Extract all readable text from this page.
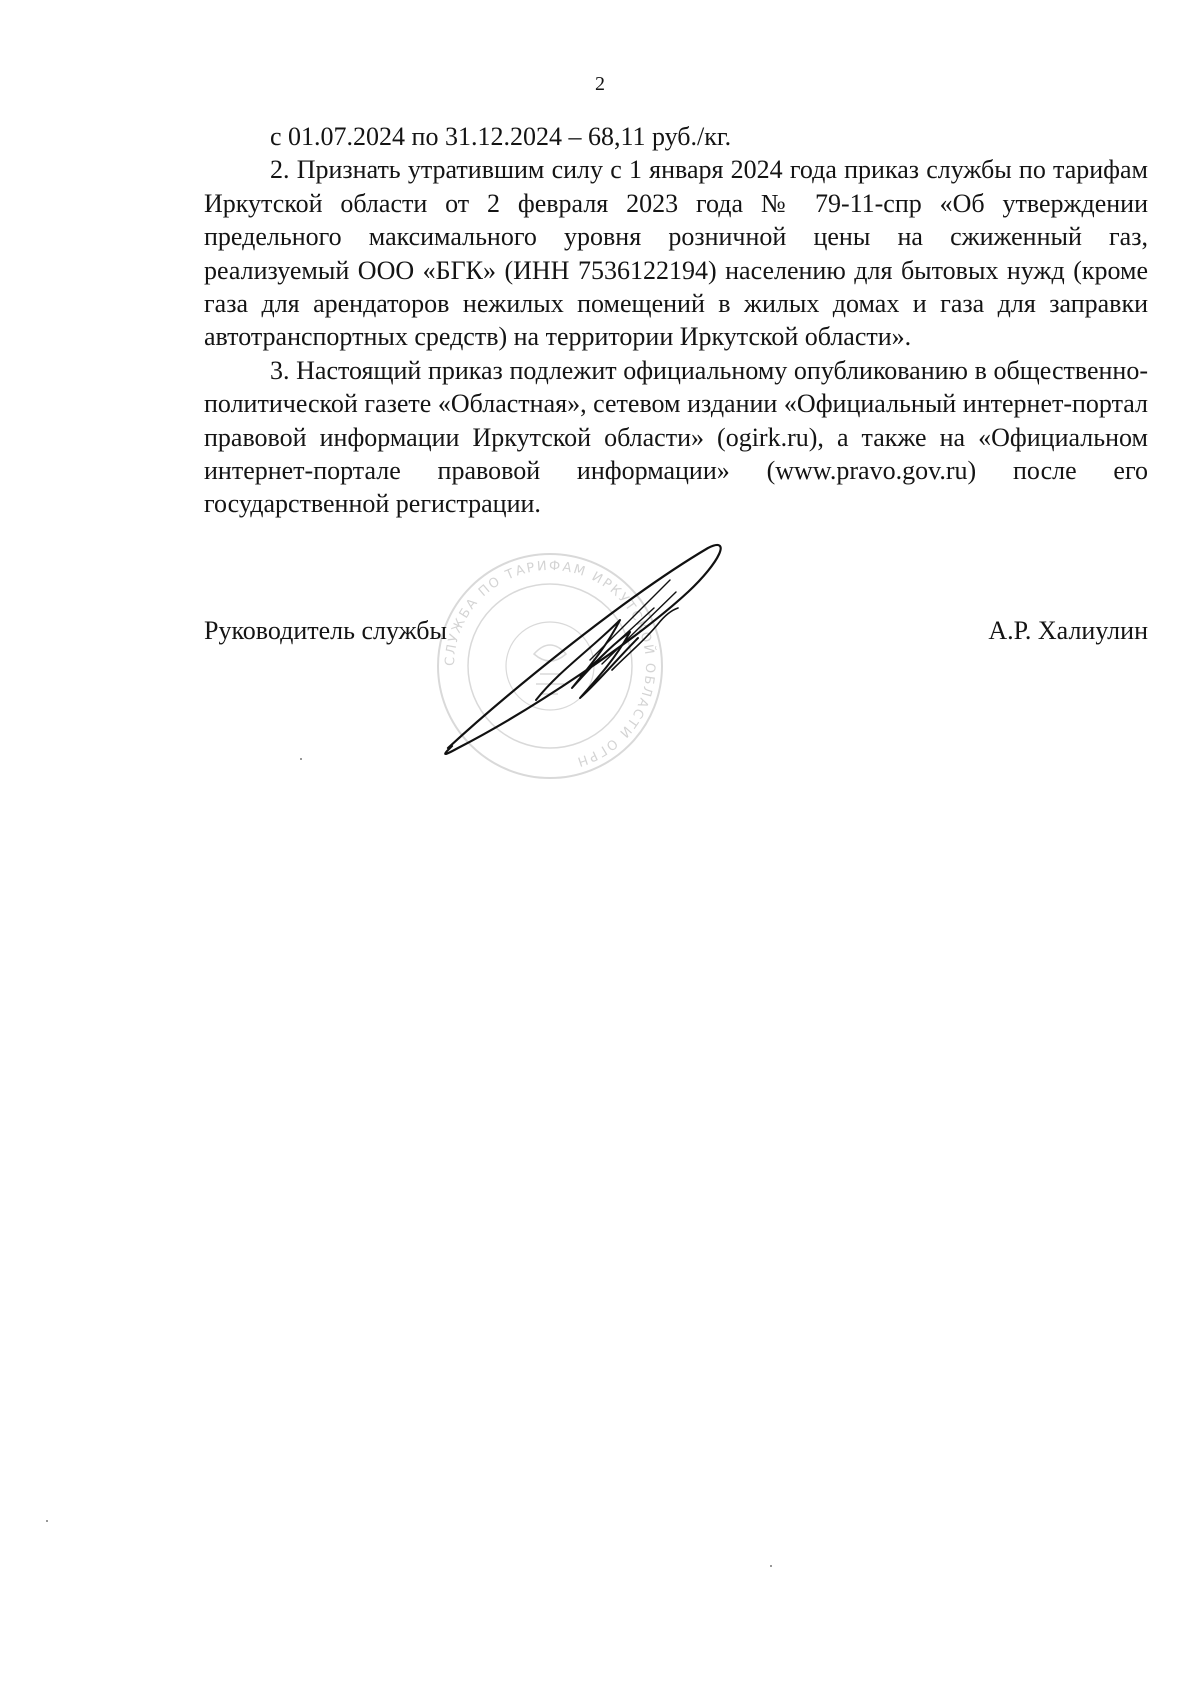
2

с 01.07.2024 по 31.12.2024 – 68,11 руб./кг.

2. Признать утратившим силу с 1 января 2024 года приказ службы по тарифам Иркутской области от 2 февраля 2023 года № 79-11-спр «Об утверждении предельного максимального уровня розничной цены на сжиженный газ, реализуемый ООО «БГК» (ИНН 7536122194) населению для бытовых нужд (кроме газа для арендаторов нежилых помещений в жилых домах и газа для заправки автотранспортных средств) на территории Иркутской области».

3. Настоящий приказ подлежит официальному опубликованию в общественно-политической газете «Областная», сетевом издании «Официальный интернет-портал правовой информации Иркутской области» (ogirk.ru), а также на «Официальном интернет-портале правовой информации» (www.pravo.gov.ru) после его государственной регистрации.

СЛУЖБА ПО ТАРИФАМ ИРКУТСКОЙ ОБЛАСТИ ОГРН
Руководитель службы	А.Р. Халиулин
